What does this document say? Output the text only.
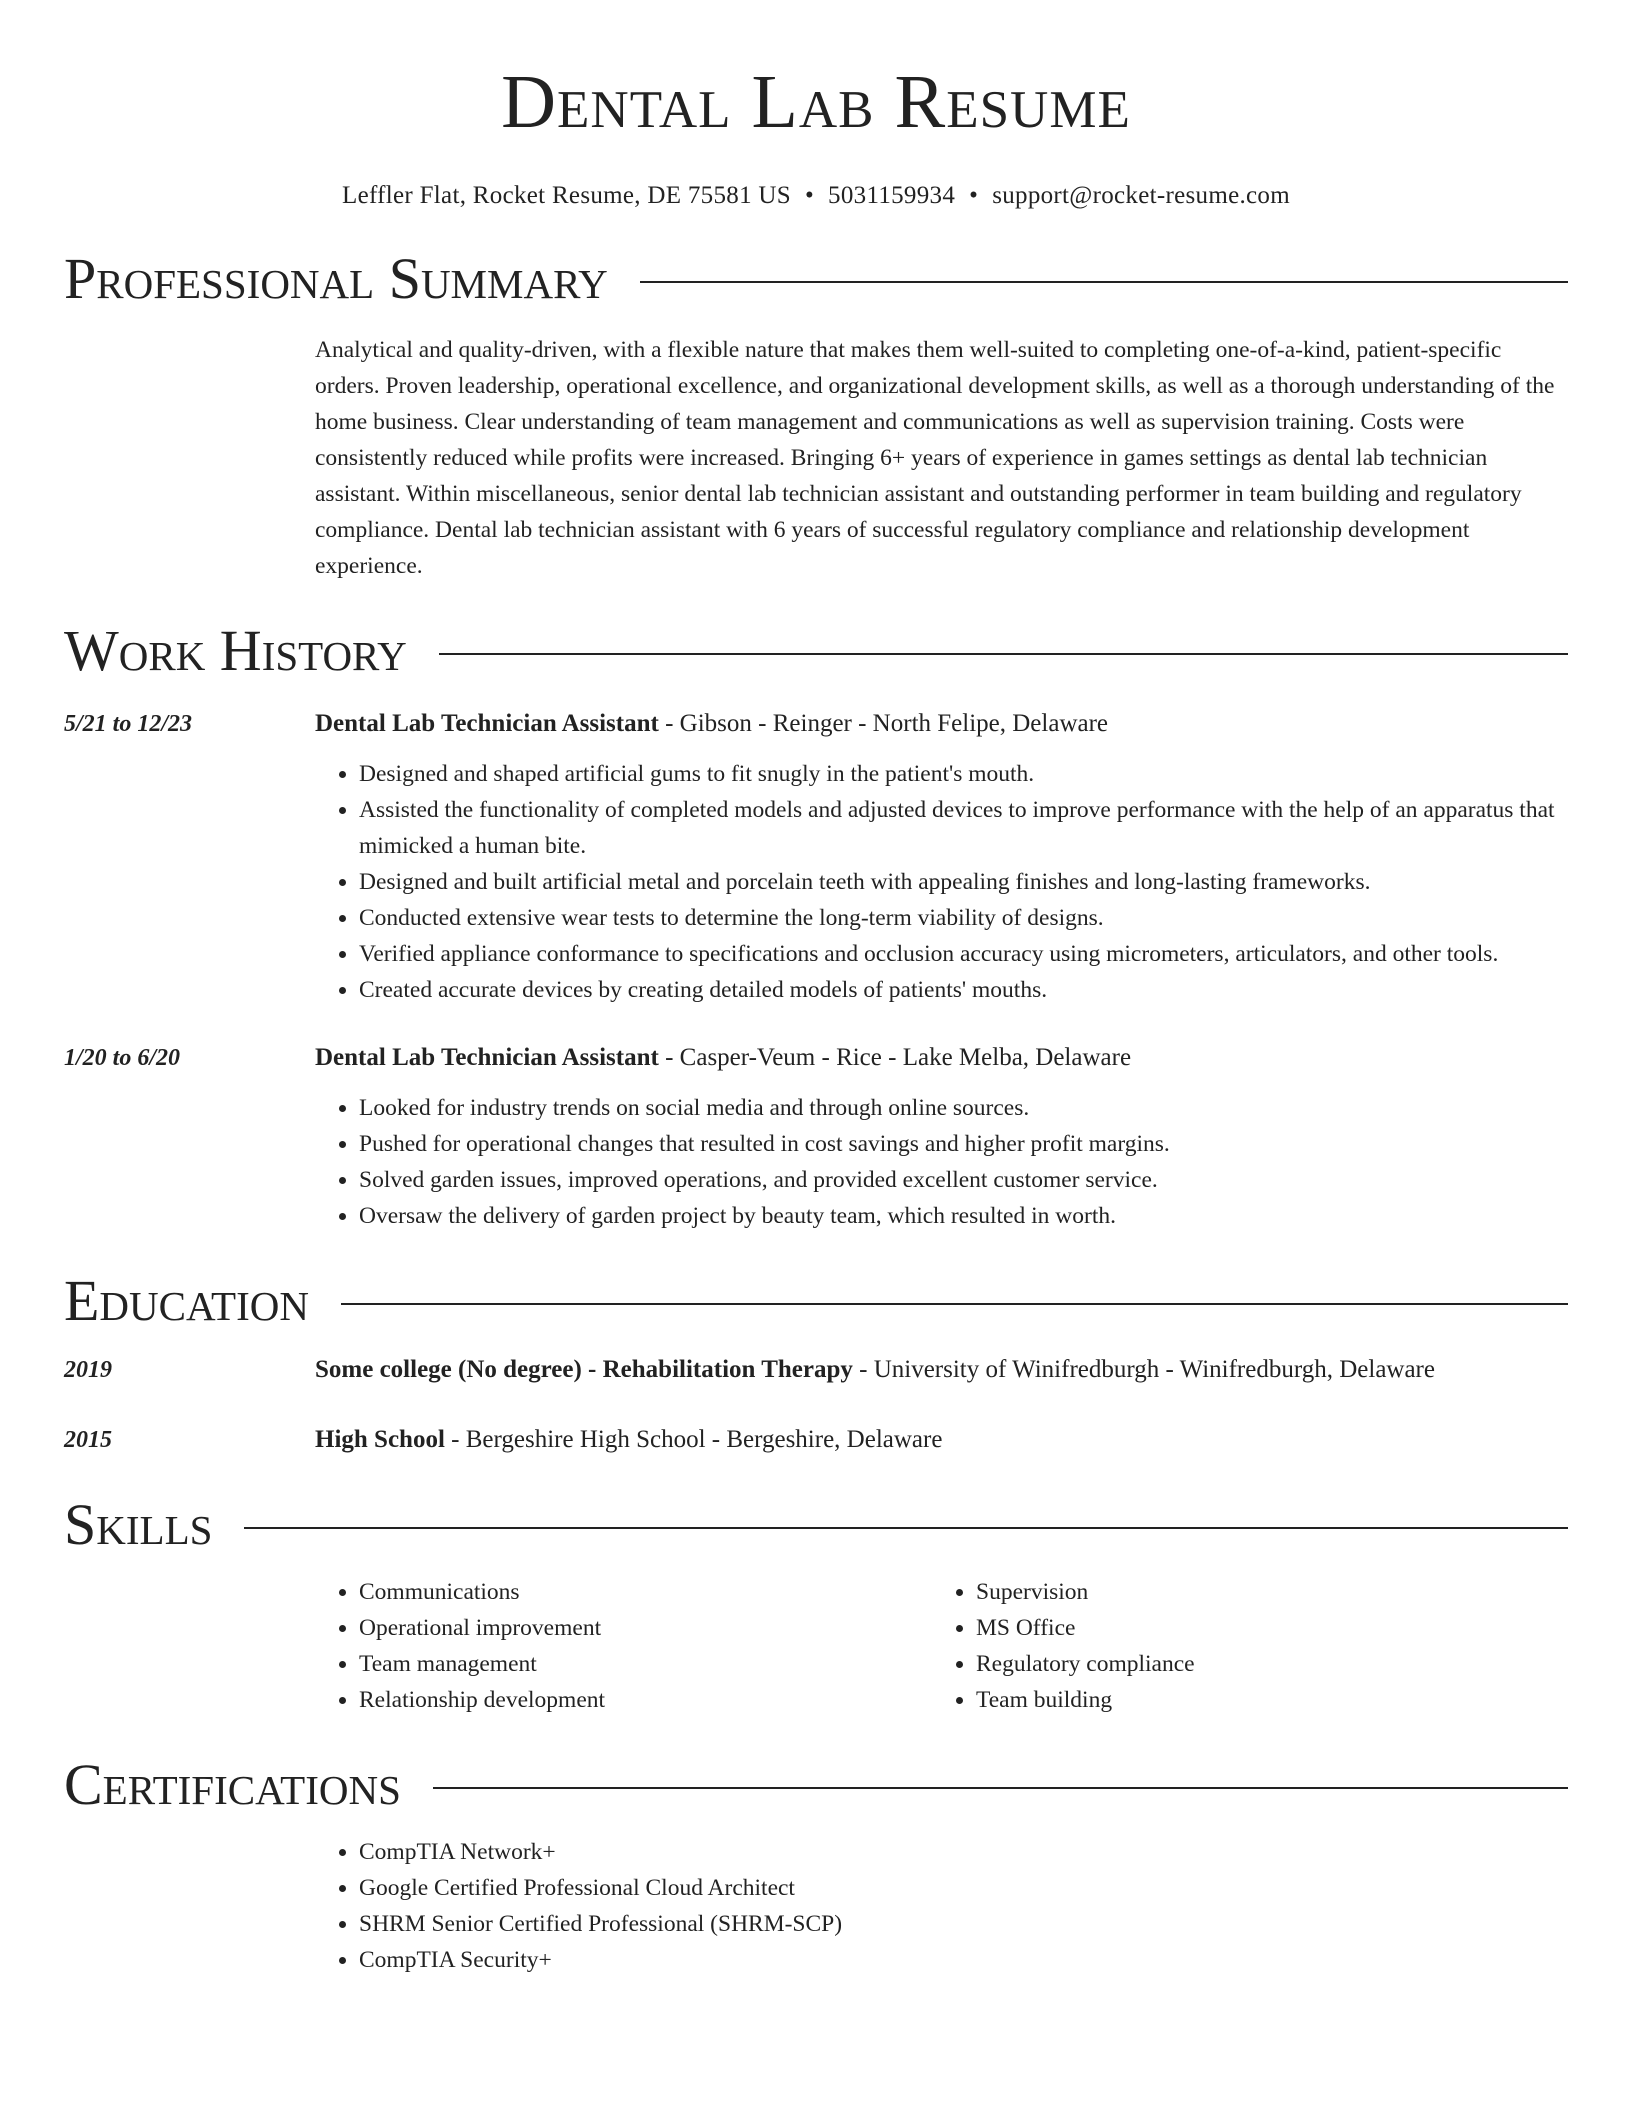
Dental Lab Resume
Leffler Flat, Rocket Resume, DE 75581 US • 5031159934 • support@rocket-resume.com
Professional Summary
Analytical and quality-driven, with a flexible nature that makes them well-suited to completing one-of-a-kind, patient-specific orders. Proven leadership, operational excellence, and organizational development skills, as well as a thorough understanding of the home business. Clear understanding of team management and communications as well as supervision training. Costs were consistently reduced while profits were increased. Bringing 6+ years of experience in games settings as dental lab technician assistant. Within miscellaneous, senior dental lab technician assistant and outstanding performer in team building and regulatory compliance. Dental lab technician assistant with 6 years of successful regulatory compliance and relationship development experience.
Work History
5/21 to 12/23	Dental Lab Technician Assistant - Gibson - Reinger - North Felipe, Delaware
• Designed and shaped artificial gums to fit snugly in the patient's mouth.
• Assisted the functionality of completed models and adjusted devices to improve performance with the help of an apparatus that mimicked a human bite.
• Designed and built artificial metal and porcelain teeth with appealing finishes and long-lasting frameworks.
• Conducted extensive wear tests to determine the long-term viability of designs.
• Verified appliance conformance to specifications and occlusion accuracy using micrometers, articulators, and other tools.
• Created accurate devices by creating detailed models of patients' mouths.
1/20 to 6/20	Dental Lab Technician Assistant - Casper-Veum - Rice - Lake Melba, Delaware
• Looked for industry trends on social media and through online sources.
• Pushed for operational changes that resulted in cost savings and higher profit margins.
• Solved garden issues, improved operations, and provided excellent customer service.
• Oversaw the delivery of garden project by beauty team, which resulted in worth.
Education
2019	Some college (No degree) - Rehabilitation Therapy - University of Winifredburgh - Winifredburgh, Delaware
2015	High School - Bergeshire High School - Bergeshire, Delaware
Skills
• Communications
• Operational improvement
• Team management
• Relationship development
• Supervision
• MS Office
• Regulatory compliance
• Team building
Certifications
• CompTIA Network+
• Google Certified Professional Cloud Architect
• SHRM Senior Certified Professional (SHRM-SCP)
• CompTIA Security+
